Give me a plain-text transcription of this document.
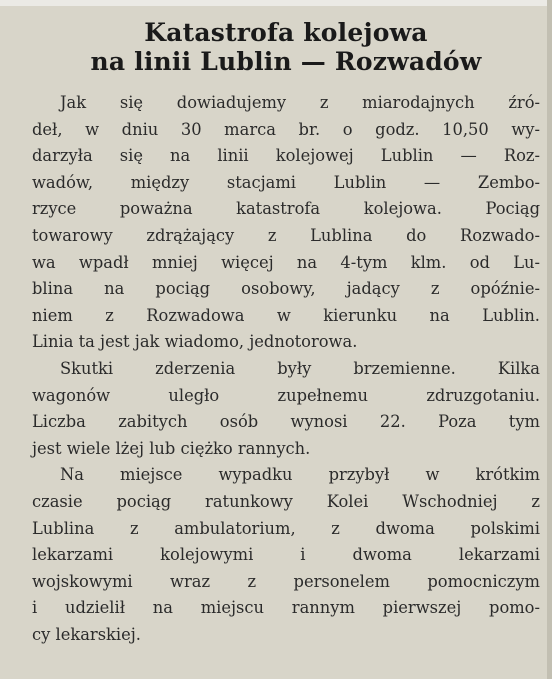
Katastrofa kolejowa
na linii Lublin — Rozwadów
Jak się dowiadujemy z miarodajnych źró-
deł, w dniu 30 marca br. o godz. 10,50 wy-
darzyła się na linii kolejowej Lublin — Roz-
wadów, między stacjami Lublin — Zembo-
rzyce poważna katastrofa kolejowa. Pociąg
towarowy zdrążający z Lublina do Rozwado-
wa wpadł mniej więcej na 4-tym klm. od Lu-
blina na pociąg osobowy, jadący z opóźnie-
niem z Rozwadowa w kierunku na Lublin.
Linia ta jest jak wiadomo, jednotorowa.
Skutki zderzenia były brzemienne. Kilka
wagonów uległo zupełnemu zdruzgotaniu.
Liczba zabitych osób wynosi 22. Poza tym
jest wiele lżej lub ciężko rannych.
Na miejsce wypadku przybył w krótkim
czasie pociąg ratunkowy Kolei Wschodniej z
Lublina z ambulatorium, z dwoma polskimi
lekarzami kolejowymi i dwoma lekarzami
wojskowymi wraz z personelem pomocniczym
i udzielił na miejscu rannym pierwszej pomo-
cy lekarskiej.
